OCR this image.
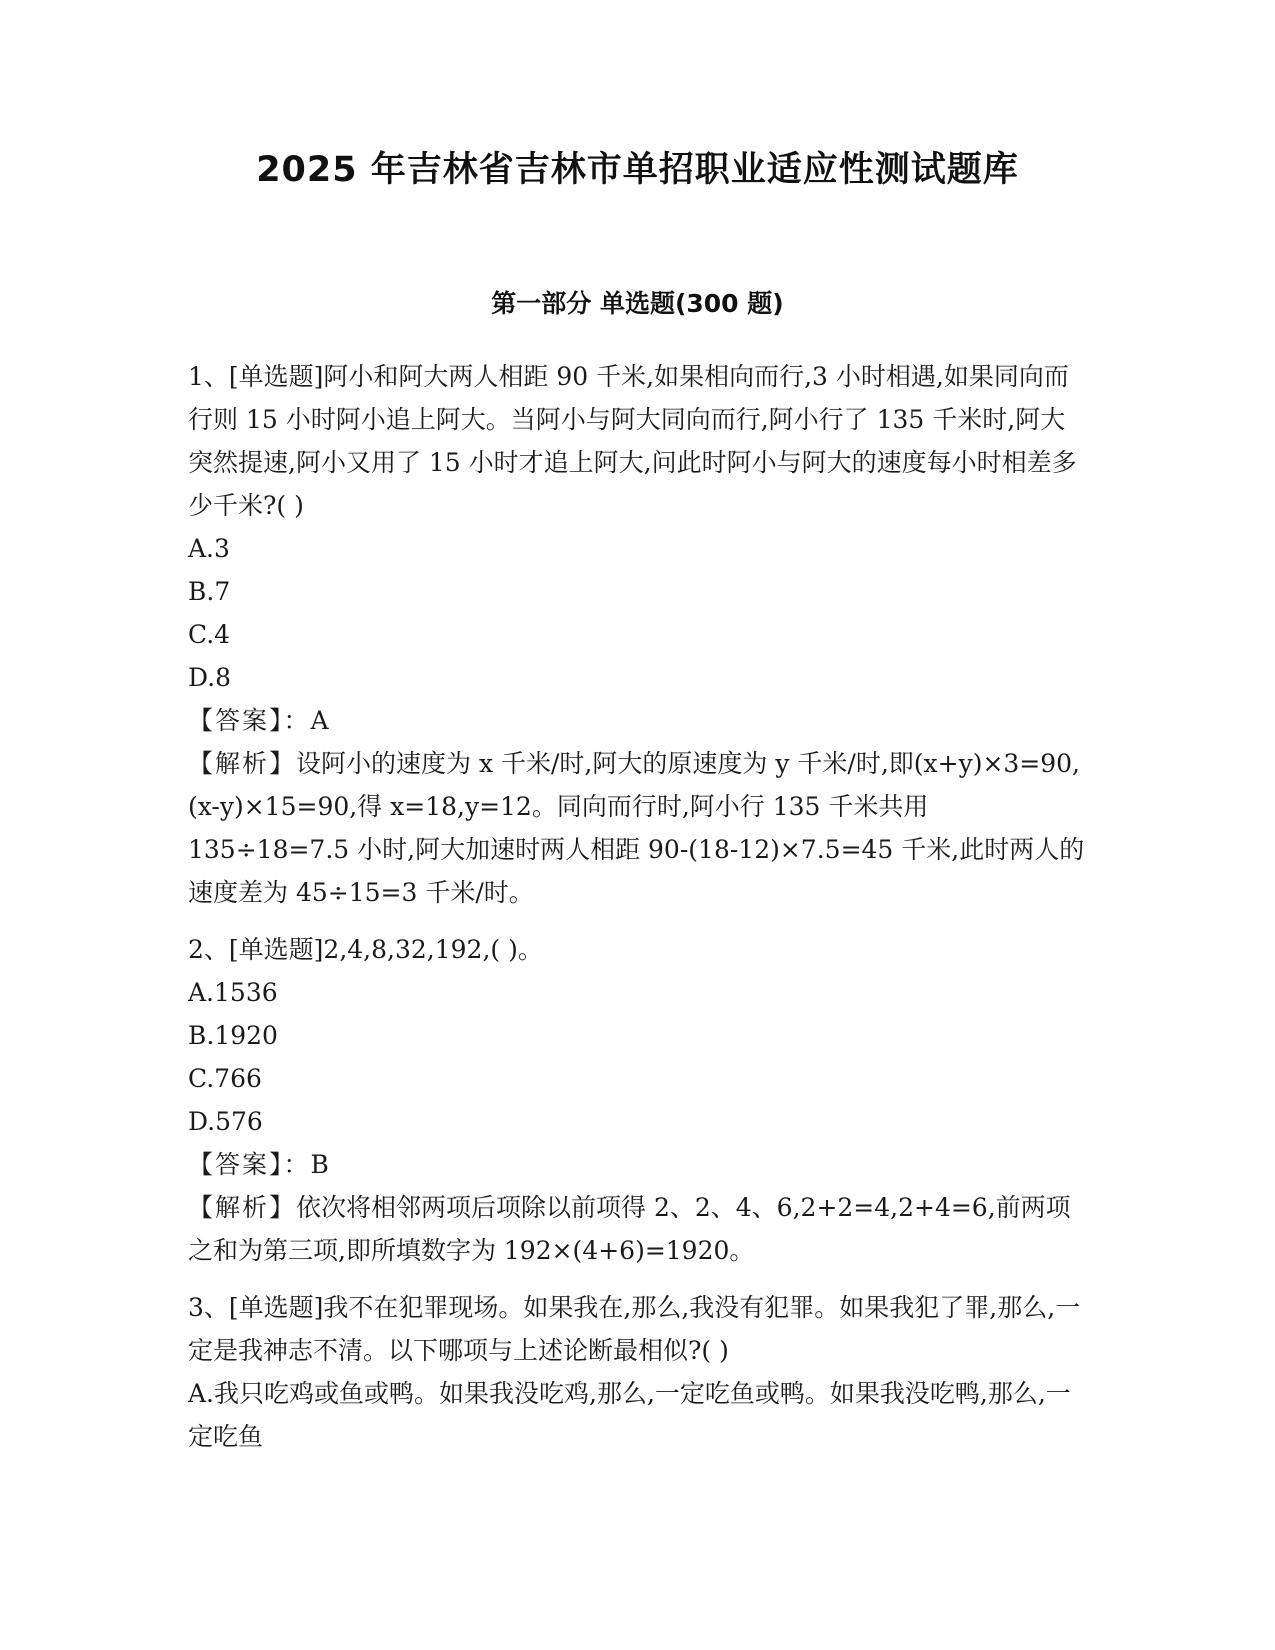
2025 年吉林省吉林市单招职业适应性测试题库
第一部分 单选题(300 题)
1、[单选题]阿小和阿大两人相距 90 千米,如果相向而行,3 小时相遇,如果同向而行则 15 小时阿小追上阿大。当阿小与阿大同向而行,阿小行了 135 千米时,阿大突然提速,阿小又用了 15 小时才追上阿大,问此时阿小与阿大的速度每小时相差多少千米?( )
A.3
B.7
C.4
D.8
【答案】：A
【解析】设阿小的速度为 x 千米/时,阿大的原速度为 y 千米/时,即(x+y)×3=90,(x-y)×15=90,得 x=18,y=12。同向而行时,阿小行 135 千米共用 135÷18=7.5 小时,阿大加速时两人相距 90-(18-12)×7.5=45 千米,此时两人的速度差为 45÷15=3 千米/时。
2、[单选题]2,4,8,32,192,( )。
A.1536
B.1920
C.766
D.576
【答案】：B
【解析】依次将相邻两项后项除以前项得 2、2、4、6,2+2=4,2+4=6,前两项之和为第三项,即所填数字为 192×(4+6)=1920。
3、[单选题]我不在犯罪现场。如果我在,那么,我没有犯罪。如果我犯了罪,那么,一定是我神志不清。以下哪项与上述论断最相似?( )
A.我只吃鸡或鱼或鸭。如果我没吃鸡,那么,一定吃鱼或鸭。如果我没吃鸭,那么,一定吃鱼
